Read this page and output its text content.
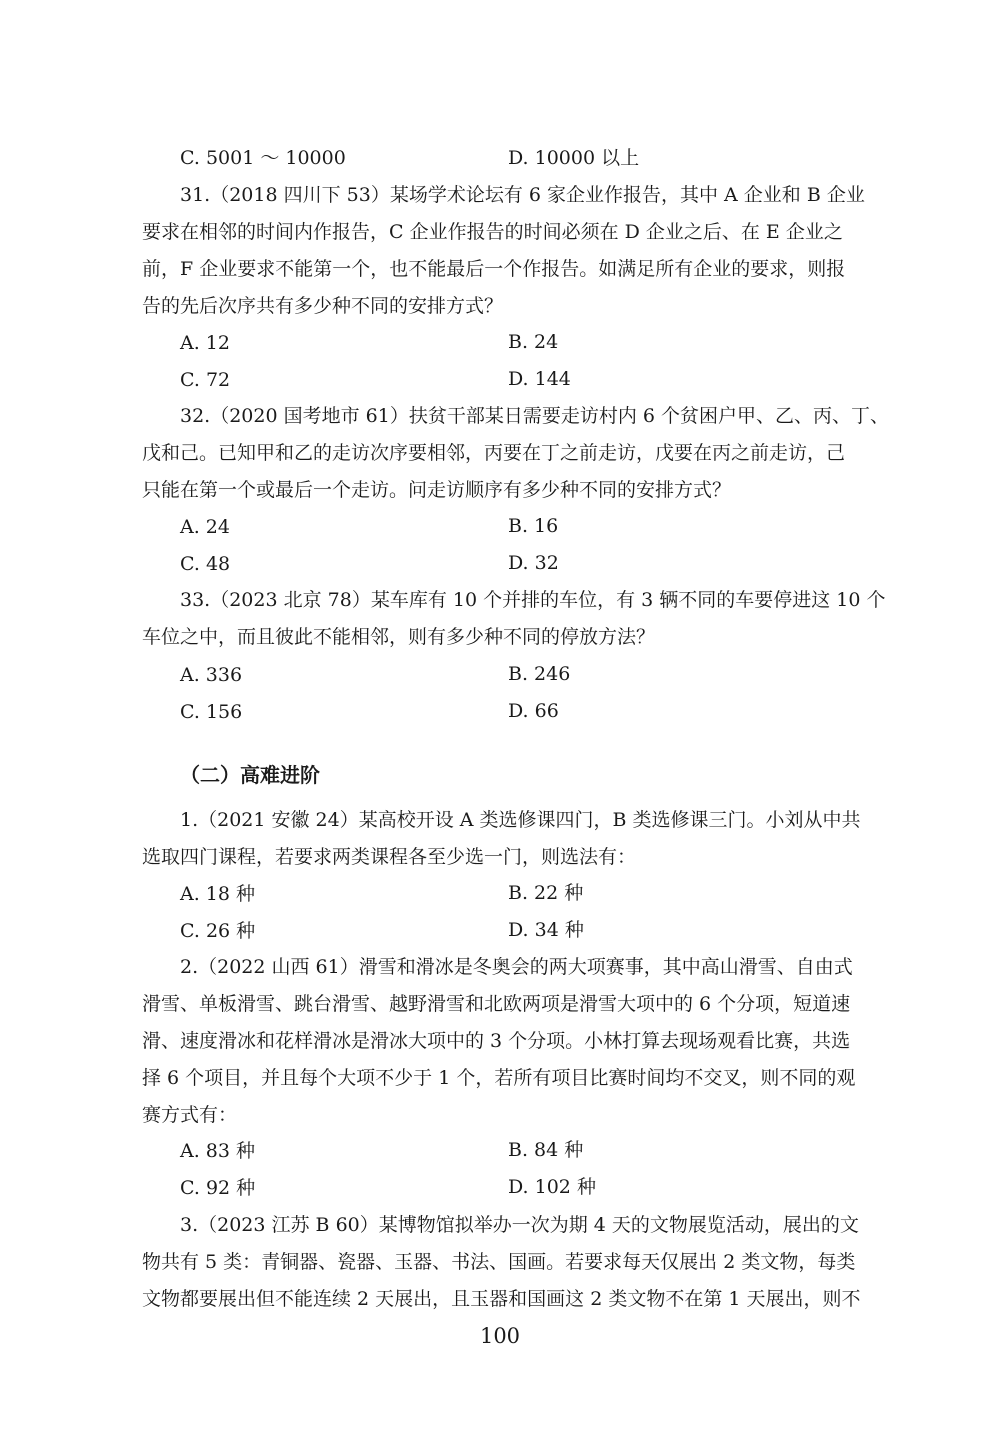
C. 5001 ～ 10000	D. 10000 以上
31.（2018 四川下 53）某场学术论坛有 6 家企业作报告，其中 A 企业和 B 企业
要求在相邻的时间内作报告，C 企业作报告的时间必须在 D 企业之后、在 E 企业之
前，F 企业要求不能第一个，也不能最后一个作报告。如满足所有企业的要求，则报
告的先后次序共有多少种不同的安排方式？
A. 12	B. 24
C. 72	D. 144
32.（2020 国考地市 61）扶贫干部某日需要走访村内 6 个贫困户甲、乙、丙、丁、
戊和己。已知甲和乙的走访次序要相邻，丙要在丁之前走访，戊要在丙之前走访，己
只能在第一个或最后一个走访。问走访顺序有多少种不同的安排方式？
A. 24	B. 16
C. 48	D. 32
33.（2023 北京 78）某车库有 10 个并排的车位，有 3 辆不同的车要停进这 10 个
车位之中，而且彼此不能相邻，则有多少种不同的停放方法？
A. 336	B. 246
C. 156	D. 66
（二）高难进阶
1.（2021 安徽 24）某高校开设 A 类选修课四门，B 类选修课三门。小刘从中共
选取四门课程，若要求两类课程各至少选一门，则选法有：
A. 18 种	B. 22 种
C. 26 种	D. 34 种
2.（2022 山西 61）滑雪和滑冰是冬奥会的两大项赛事，其中高山滑雪、自由式
滑雪、单板滑雪、跳台滑雪、越野滑雪和北欧两项是滑雪大项中的 6 个分项，短道速
滑、速度滑冰和花样滑冰是滑冰大项中的 3 个分项。小林打算去现场观看比赛，共选
择 6 个项目，并且每个大项不少于 1 个，若所有项目比赛时间均不交叉，则不同的观
赛方式有：
A. 83 种	B. 84 种
C. 92 种	D. 102 种
3.（2023 江苏 B 60）某博物馆拟举办一次为期 4 天的文物展览活动，展出的文
物共有 5 类：青铜器、瓷器、玉器、书法、国画。若要求每天仅展出 2 类文物，每类
文物都要展出但不能连续 2 天展出，且玉器和国画这 2 类文物不在第 1 天展出，则不
100
